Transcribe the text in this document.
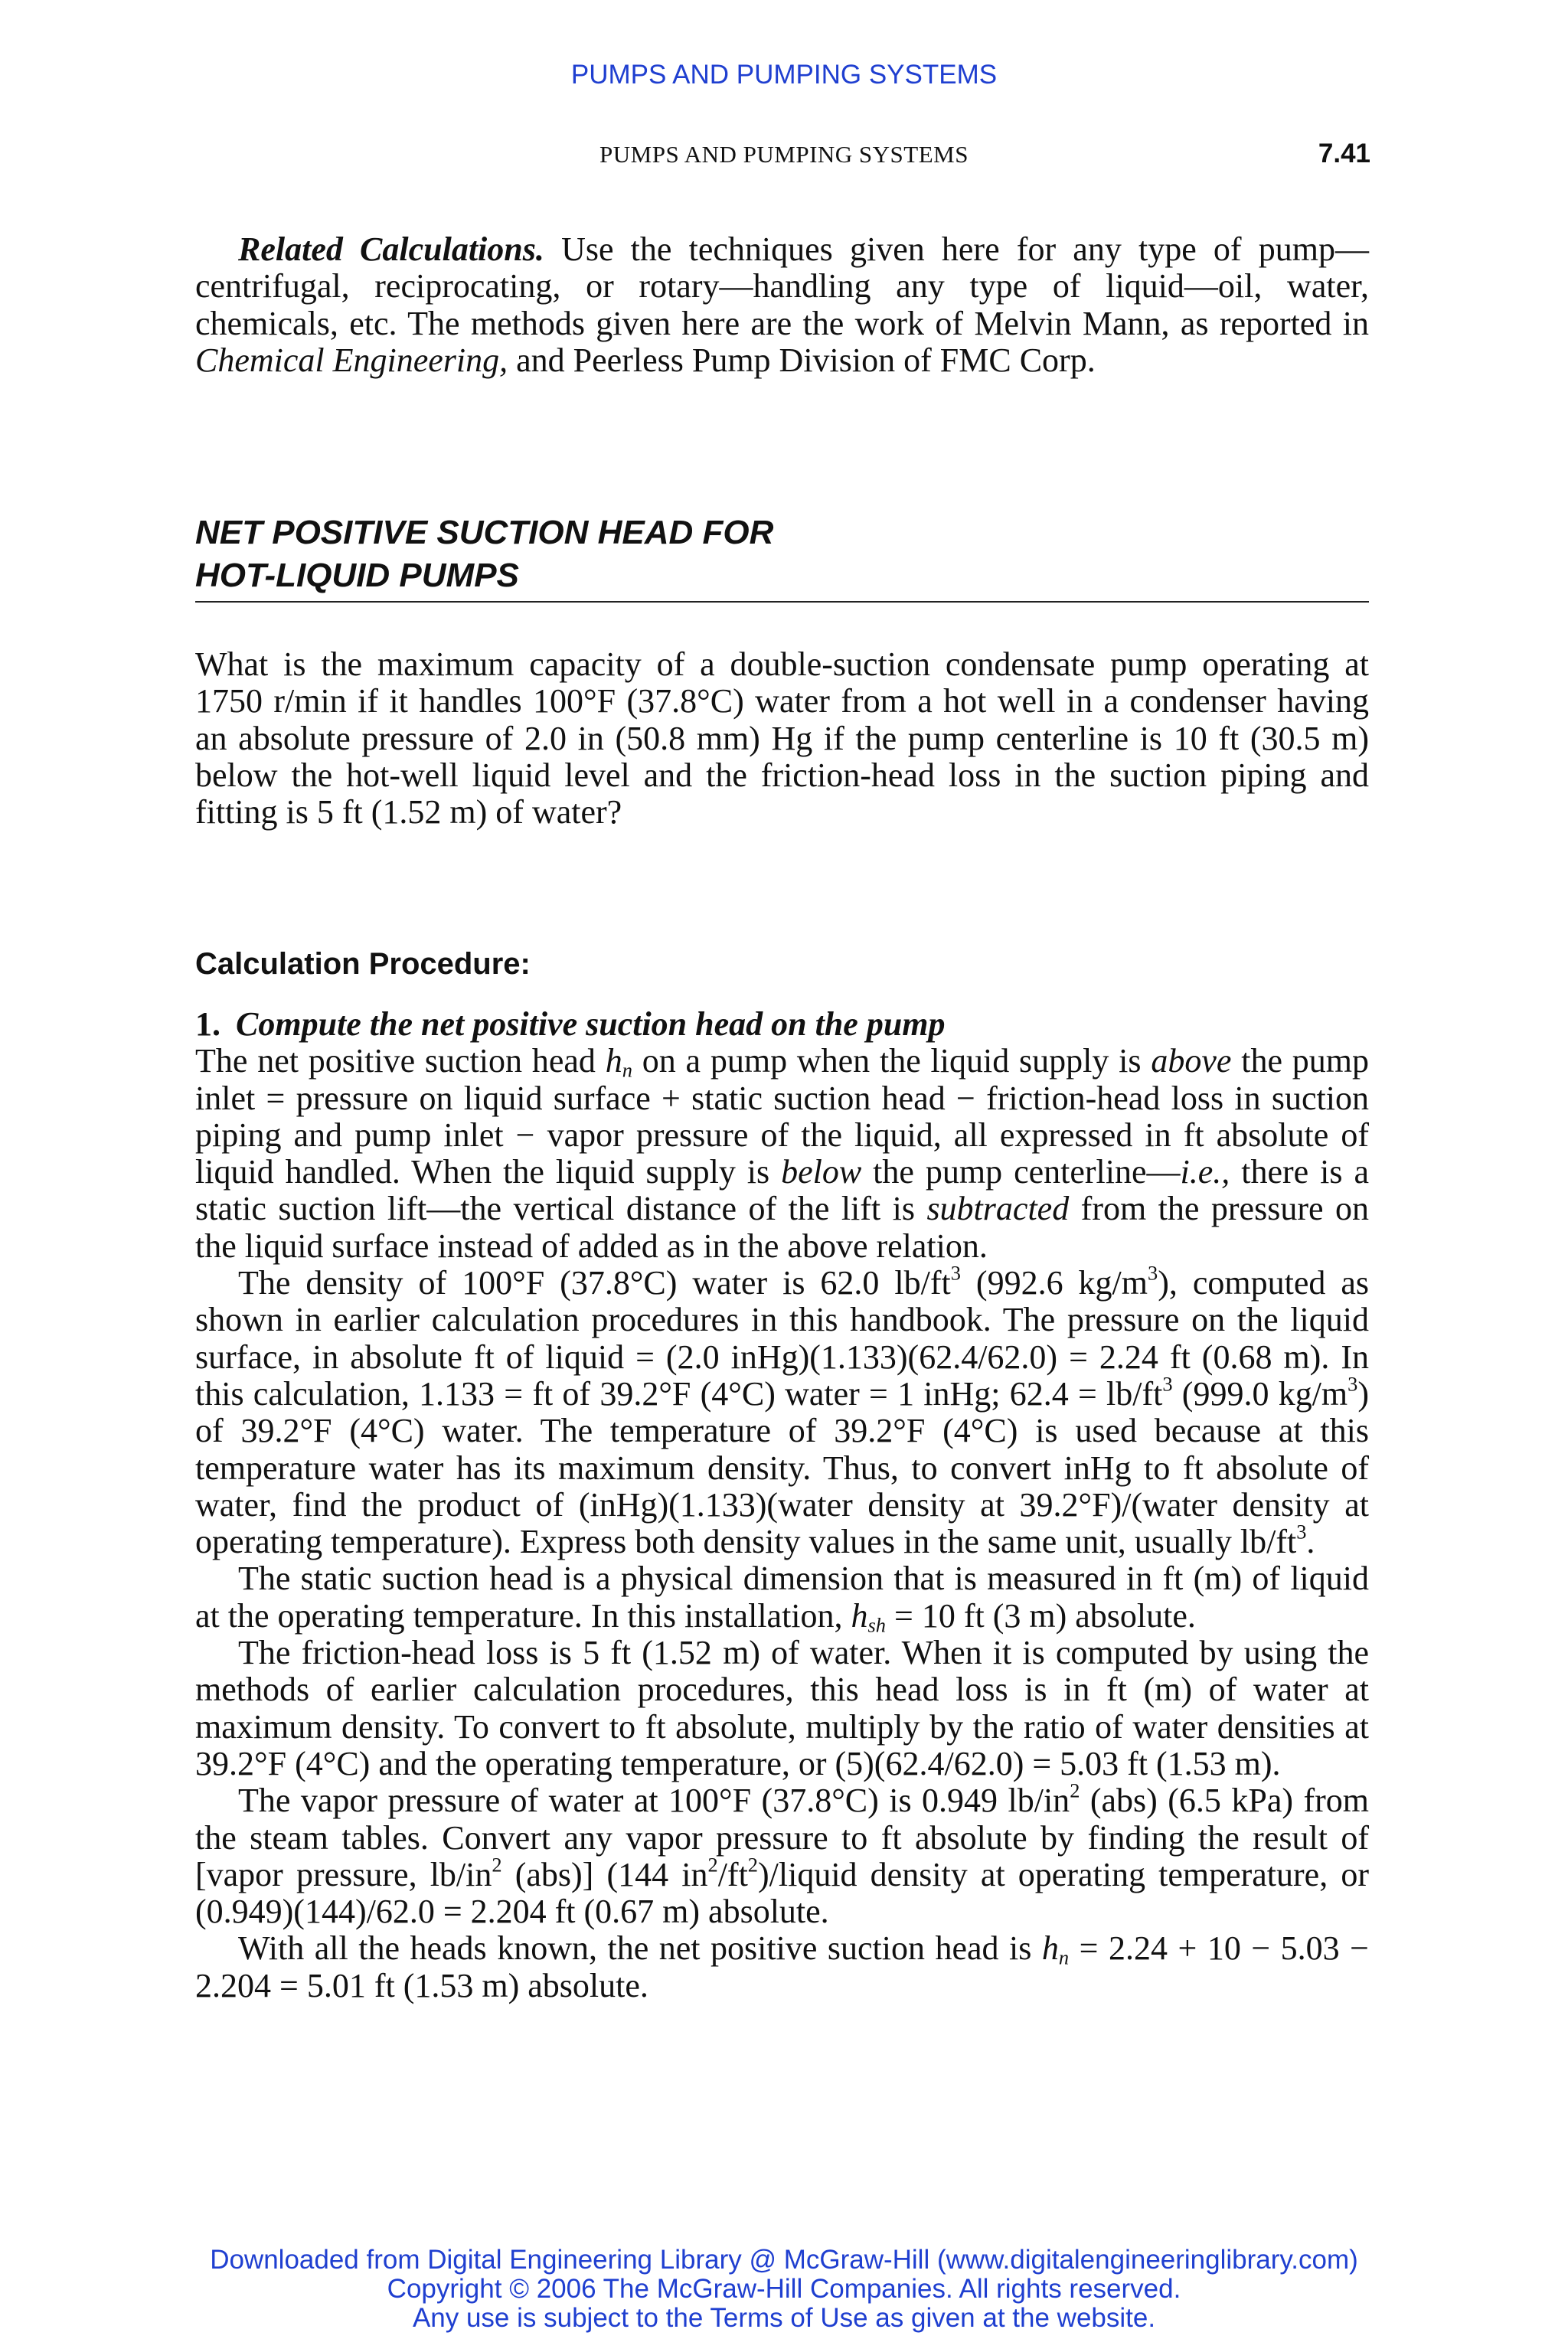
PUMPS AND PUMPING SYSTEMS
PUMPS AND PUMPING SYSTEMS	7.41

Related Calculations. Use the techniques given here for any type of pump—centrifugal, reciprocating, or rotary—handling any type of liquid—oil, water, chemicals, etc. The methods given here are the work of Melvin Mann, as reported in Chemical Engineering, and Peerless Pump Division of FMC Corp.

NET POSITIVE SUCTION HEAD FOR
HOT-LIQUID PUMPS

What is the maximum capacity of a double-suction condensate pump operating at 1750 r/min if it handles 100°F (37.8°C) water from a hot well in a condenser having an absolute pressure of 2.0 in (50.8 mm) Hg if the pump centerline is 10 ft (30.5 m) below the hot-well liquid level and the friction-head loss in the suction piping and fitting is 5 ft (1.52 m) of water?

Calculation Procedure:

1. Compute the net positive suction head on the pump

The net positive suction head $h_n$ on a pump when the liquid supply is above the pump inlet = pressure on liquid surface + static suction head − friction-head loss in suction piping and pump inlet − vapor pressure of the liquid, all expressed in ft absolute of liquid handled. When the liquid supply is below the pump centerline—i.e., there is a static suction lift—the vertical distance of the lift is subtracted from the pressure on the liquid surface instead of added as in the above relation.

The density of 100°F (37.8°C) water is 62.0 $lb/ft^3$ (992.6 $kg/m^3$), computed as shown in earlier calculation procedures in this handbook. The pressure on the liquid surface, in absolute ft of liquid = (2.0 inHg)(1.133)(62.4/62.0) = 2.24 ft (0.68 m). In this calculation, 1.133 = ft of 39.2°F (4°C) water = 1 inHg; $62.4 = lb/ft^3$ (999.0 $kg/m^3$) of 39.2°F (4°C) water. The temperature of 39.2°F (4°C) is used because at this temperature water has its maximum density. Thus, to convert inHg to ft absolute of water, find the product of (inHg)(1.133)(water density at 39.2°F)/(water density at operating temperature). Express both density values in the same unit, usually $lb/ft^3$.

The static suction head is a physical dimension that is measured in ft (m) of liquid at the operating temperature. In this installation, $h_{sh} = 10$ ft (3 m) absolute.

The friction-head loss is 5 ft (1.52 m) of water. When it is computed by using the methods of earlier calculation procedures, this head loss is in ft (m) of water at maximum density. To convert to ft absolute, multiply by the ratio of water densities at 39.2°F (4°C) and the operating temperature, or (5)(62.4/62.0) = 5.03 ft (1.53 m).

The vapor pressure of water at 100°F (37.8°C) is 0.949 $lb/in^2$ (abs) (6.5 kPa) from the steam tables. Convert any vapor pressure to ft absolute by finding the result of [vapor pressure, $lb/in^2$ (abs)] (144 $in^2/ft^2$)/liquid density at operating temperature, or (0.949)(144)/62.0 = 2.204 ft (0.67 m) absolute.

With all the heads known, the net positive suction head is $h_n = 2.24 + 10 - 5.03 - 2.204 = 5.01$ ft (1.53 m) absolute.

Downloaded from Digital Engineering Library @ McGraw-Hill (www.digitalengineeringlibrary.com)
Copyright © 2006 The McGraw-Hill Companies. All rights reserved.
Any use is subject to the Terms of Use as given at the website.
